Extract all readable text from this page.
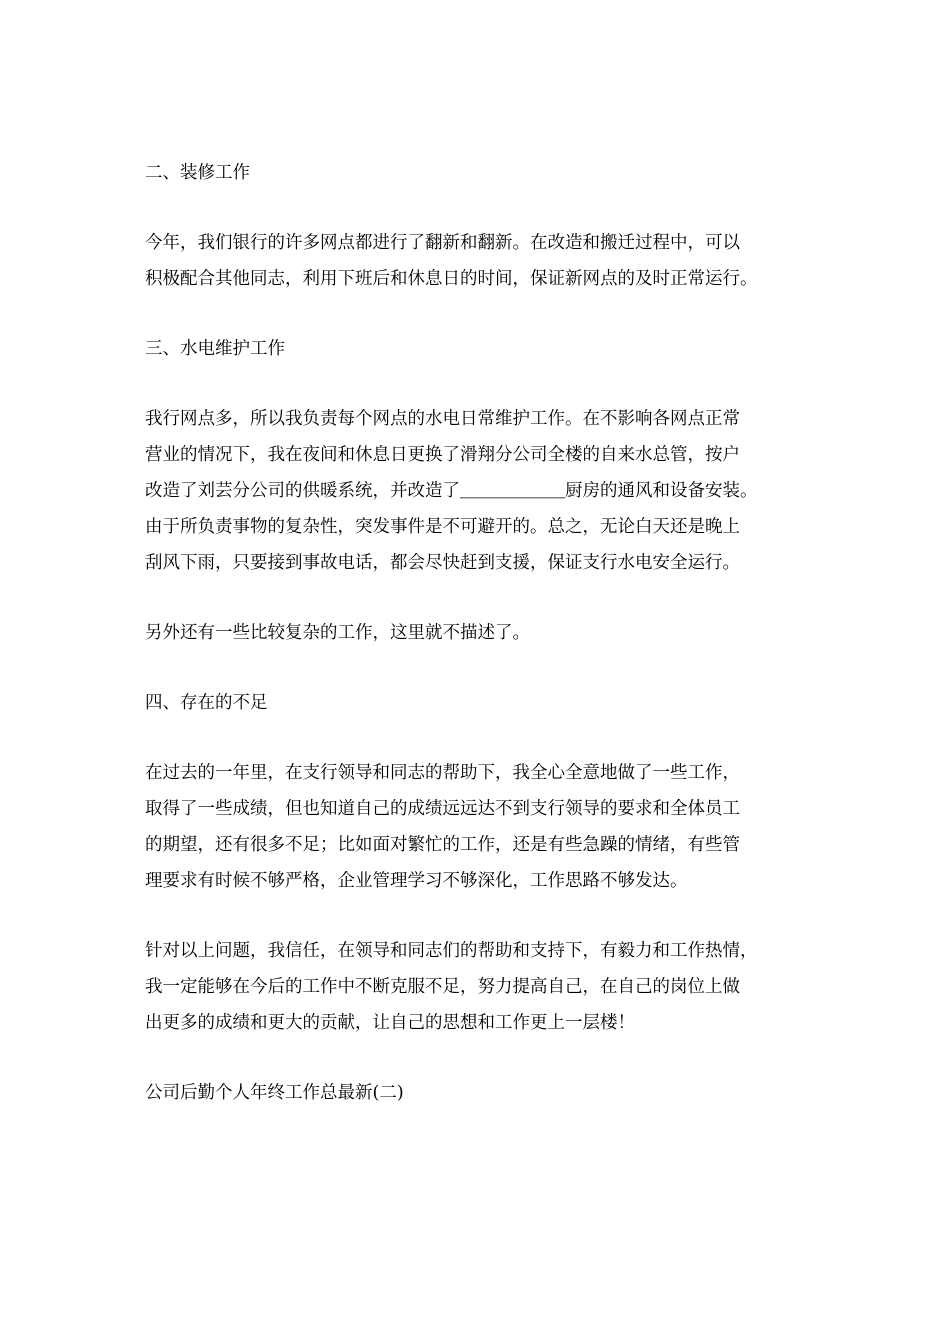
二、装修工作

今年，我们银行的许多网点都进行了翻新和翻新。在改造和搬迁过程中，可以

积极配合其他同志，利用下班后和休息日的时间，保证新网点的及时正常运行。

三、水电维护工作

我行网点多，所以我负责每个网点的水电日常维护工作。在不影响各网点正常

营业的情况下，我在夜间和休息日更换了滑翔分公司全楼的自来水总管，按户

改造了刘芸分公司的供暖系统，并改造了＿＿＿＿＿＿厨房的通风和设备安装。

由于所负责事物的复杂性，突发事件是不可避开的。总之，无论白天还是晚上

刮风下雨，只要接到事故电话，都会尽快赶到支援，保证支行水电安全运行。

另外还有一些比较复杂的工作，这里就不描述了。

四、存在的不足

在过去的一年里，在支行领导和同志的帮助下，我全心全意地做了一些工作，

取得了一些成绩，但也知道自己的成绩远远达不到支行领导的要求和全体员工

的期望，还有很多不足；比如面对繁忙的工作，还是有些急躁的情绪，有些管

理要求有时候不够严格，企业管理学习不够深化，工作思路不够发达。

针对以上问题，我信任，在领导和同志们的帮助和支持下，有毅力和工作热情，

我一定能够在今后的工作中不断克服不足，努力提高自己，在自己的岗位上做

出更多的成绩和更大的贡献，让自己的思想和工作更上一层楼！

公司后勤个人年终工作总最新(二)
